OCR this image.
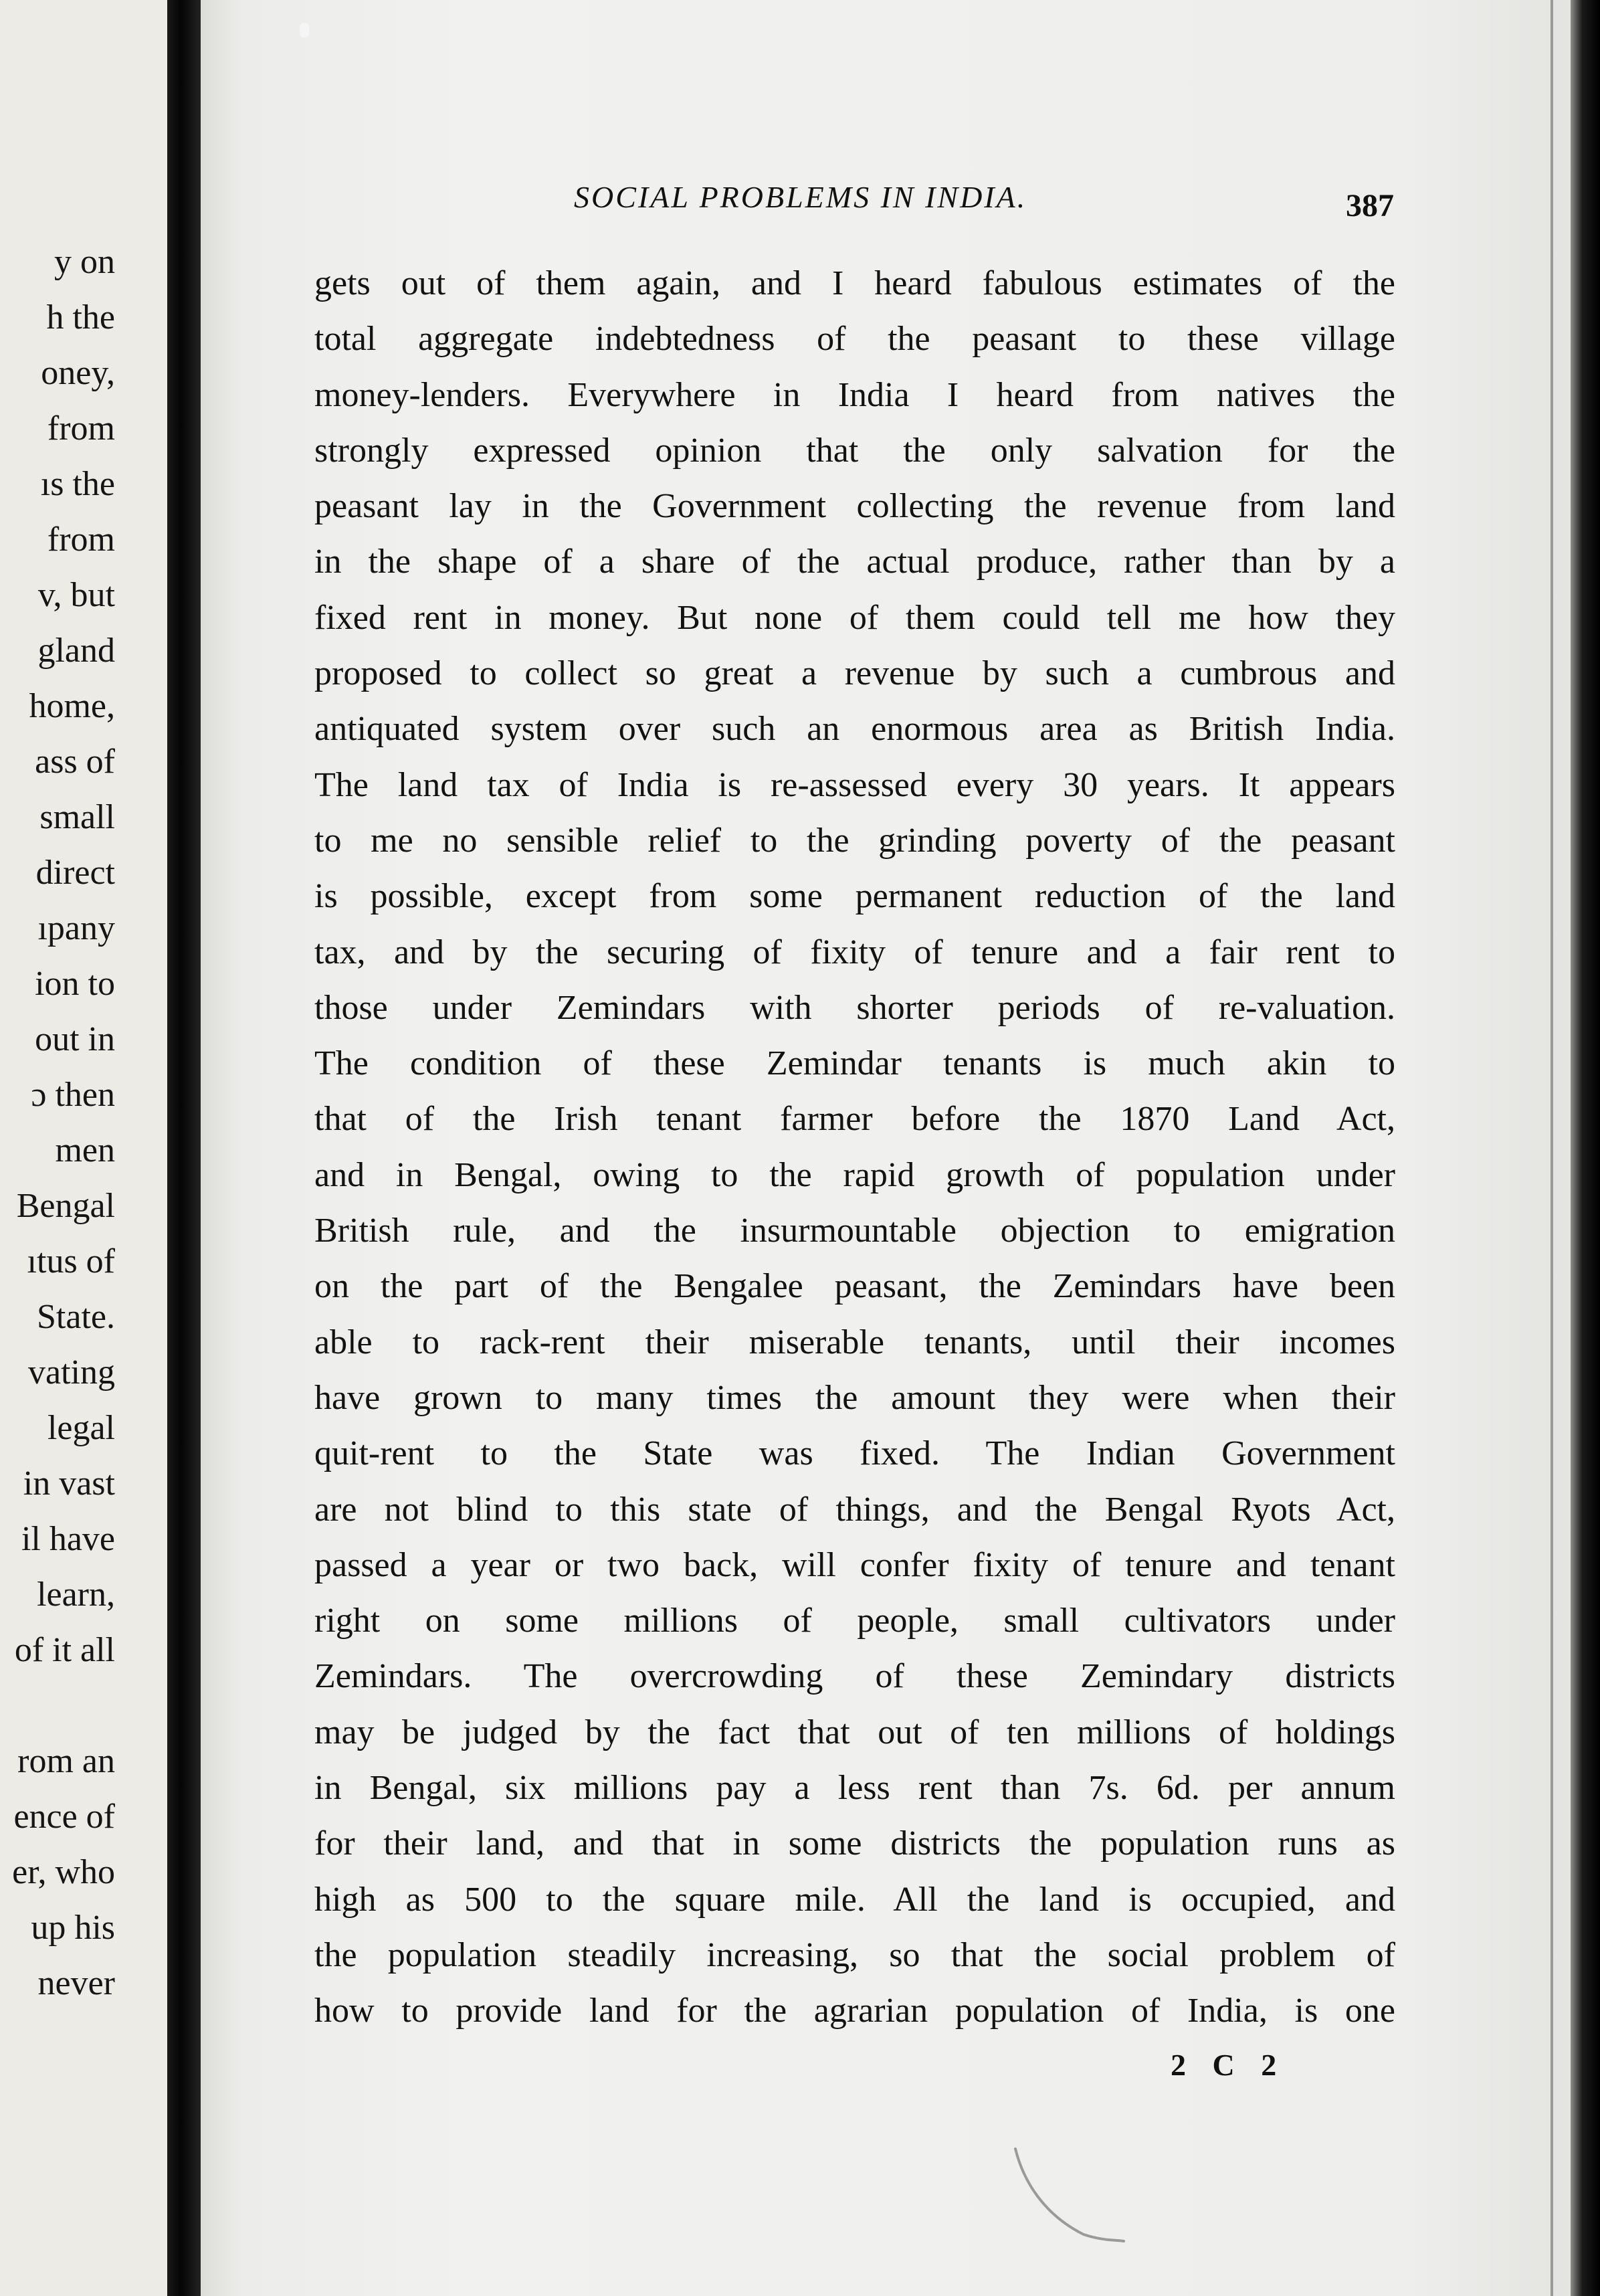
y on
h the
oney,
from
ıs the
from
v, but
gland
home,
ass of
small
direct
ıpany
ion to
out in
ɔ then
men
Bengal
ıtus of
State.
vating
legal
in vast
il have
learn,
of it all
rom an
ence of
er, who
up his
never
SOCIAL PROBLEMS IN INDIA.	387
gets out of them again, and I heard fabulous estimates of the
total aggregate indebtedness of the peasant to these village
money-lenders. Everywhere in India I heard from natives the
strongly expressed opinion that the only salvation for the
peasant lay in the Government collecting the revenue from land
in the shape of a share of the actual produce, rather than by a
fixed rent in money. But none of them could tell me how they
proposed to collect so great a revenue by such a cumbrous and
antiquated system over such an enormous area as British India.
The land tax of India is re-assessed every 30 years. It appears
to me no sensible relief to the grinding poverty of the peasant
is possible, except from some permanent reduction of the land
tax, and by the securing of fixity of tenure and a fair rent to
those under Zemindars with shorter periods of re-valuation.
The condition of these Zemindar tenants is much akin to
that of the Irish tenant farmer before the 1870 Land Act,
and in Bengal, owing to the rapid growth of population under
British rule, and the insurmountable objection to emigration
on the part of the Bengalee peasant, the Zemindars have been
able to rack-rent their miserable tenants, until their incomes
have grown to many times the amount they were when their
quit-rent to the State was fixed. The Indian Government
are not blind to this state of things, and the Bengal Ryots Act,
passed a year or two back, will confer fixity of tenure and tenant
right on some millions of people, small cultivators under
Zemindars. The overcrowding of these Zemindary districts
may be judged by the fact that out of ten millions of holdings
in Bengal, six millions pay a less rent than 7s. 6d. per annum
for their land, and that in some districts the population runs as
high as 500 to the square mile. All the land is occupied, and
the population steadily increasing, so that the social problem of
how to provide land for the agrarian population of India, is one
2 C 2
